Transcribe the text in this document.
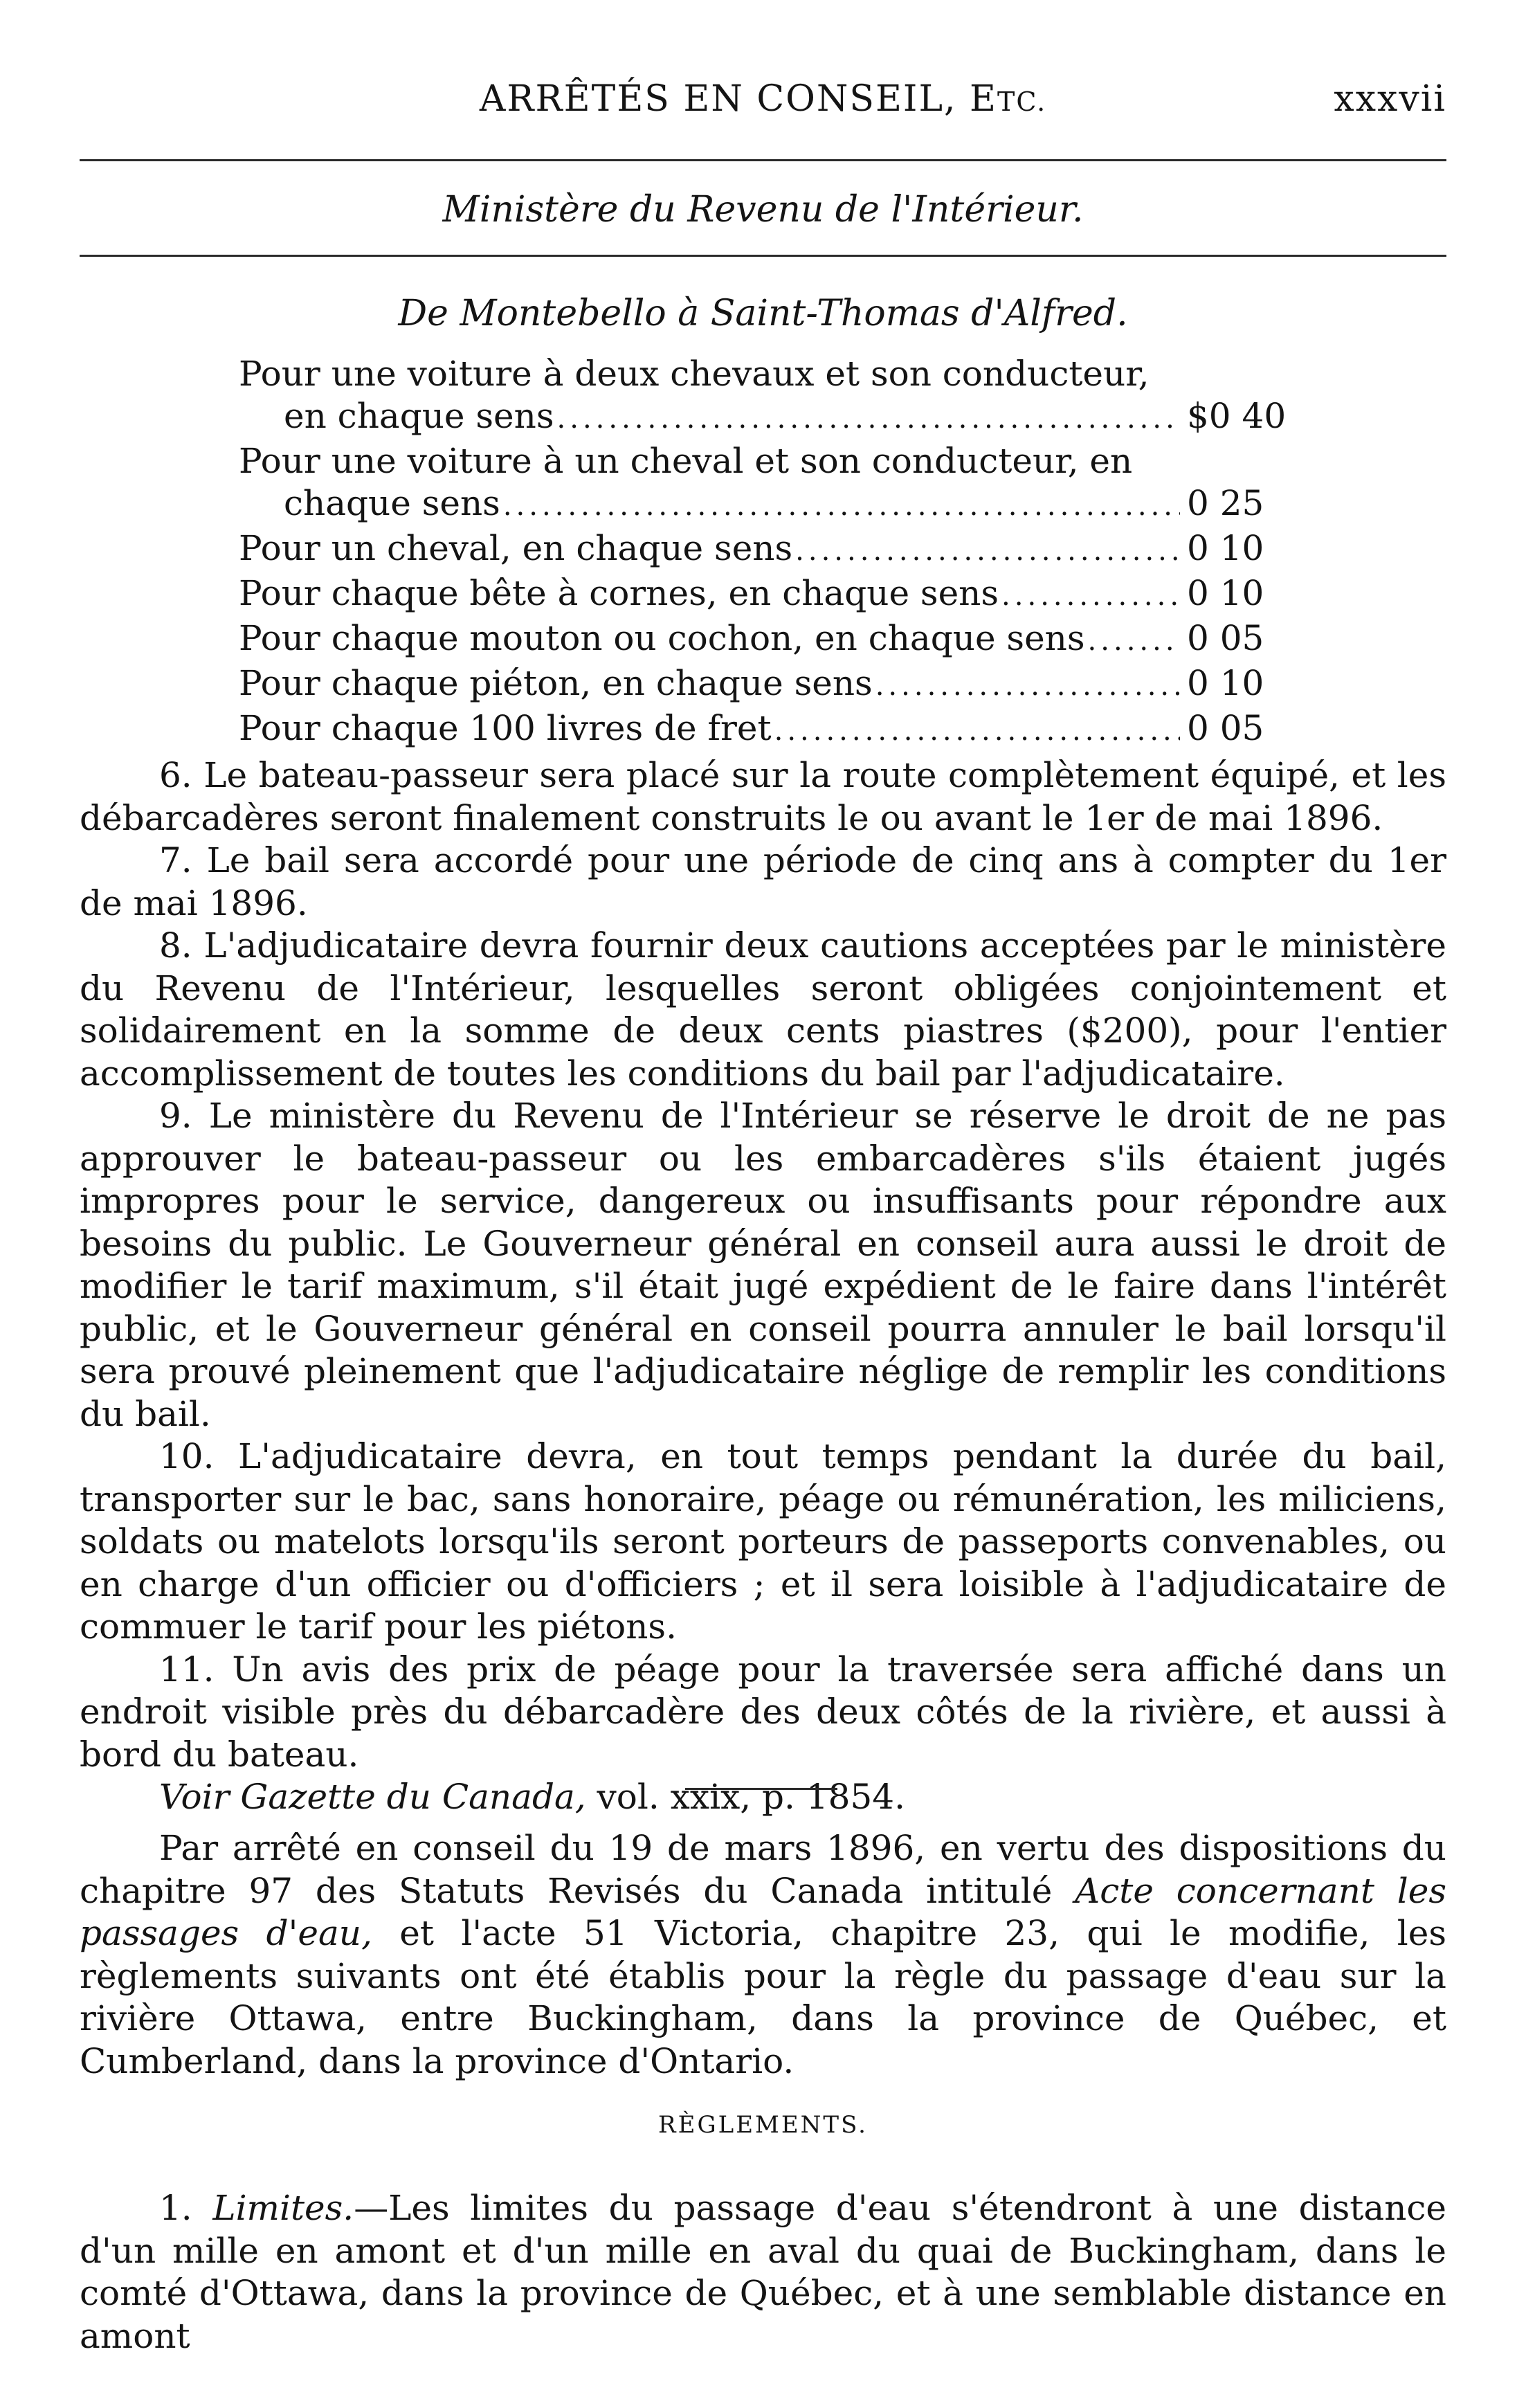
ARRÊTÉS EN CONSEIL, ETC.	xxxvii
Ministère du Revenu de l'Intérieur.
De Montebello à Saint-Thomas d'Alfred.
Pour une voiture à deux chevaux et son conducteur,
en chaque sens .....	$0 40
Pour une voiture à un cheval et son conducteur, en
chaque sens .....	0 25
Pour un cheval, en chaque sens .....	0 10
Pour chaque bête à cornes, en chaque sens .....	0 10
Pour chaque mouton ou cochon, en chaque sens .....	0 05
Pour chaque piéton, en chaque sens .....	0 10
Pour chaque 100 livres de fret .....	0 05

6. Le bateau-passeur sera placé sur la route complètement équipé, et les débarcadères seront finalement construits le ou avant le 1er de mai 1896.

7. Le bail sera accordé pour une période de cinq ans à compter du 1er de mai 1896.

8. L'adjudicataire devra fournir deux cautions acceptées par le ministère du Revenu de l'Intérieur, lesquelles seront obligées conjointement et solidairement en la somme de deux cents piastres ($200), pour l'entier accomplissement de toutes les conditions du bail par l'adjudicataire.

9. Le ministère du Revenu de l'Intérieur se réserve le droit de ne pas approuver le bateau-passeur ou les embarcadères s'ils étaient jugés impropres pour le service, dangereux ou insuffisants pour répondre aux besoins du public. Le Gouverneur général en conseil aura aussi le droit de modifier le tarif maximum, s'il était jugé expédient de le faire dans l'intérêt public, et le Gouverneur général en conseil pourra annuler le bail lorsqu'il sera prouvé pleinement que l'adjudicataire néglige de remplir les conditions du bail.

10. L'adjudicataire devra, en tout temps pendant la durée du bail, transporter sur le bac, sans honoraire, péage ou rémunération, les miliciens, soldats ou matelots lorsqu'ils seront porteurs de passeports convenables, ou en charge d'un officier ou d'officiers ; et il sera loisible à l'adjudicataire de commuer le tarif pour les piétons.

11. Un avis des prix de péage pour la traversée sera affiché dans un endroit visible près du débarcadère des deux côtés de la rivière, et aussi à bord du bateau.

Voir Gazette du Canada, vol. xxix, p. 1854.

Par arrêté en conseil du 19 de mars 1896, en vertu des dispositions du chapitre 97 des Statuts Revisés du Canada intitulé Acte concernant les passages d'eau, et l'acte 51 Victoria, chapitre 23, qui le modifie, les règlements suivants ont été établis pour la règle du passage d'eau sur la rivière Ottawa, entre Buckingham, dans la province de Québec, et Cumberland, dans la province d'Ontario.

RÈGLEMENTS.

1. Limites.—Les limites du passage d'eau s'étendront à une distance d'un mille en amont et d'un mille en aval du quai de Buckingham, dans le comté d'Ottawa, dans la province de Québec, et à une semblable distance en amont
